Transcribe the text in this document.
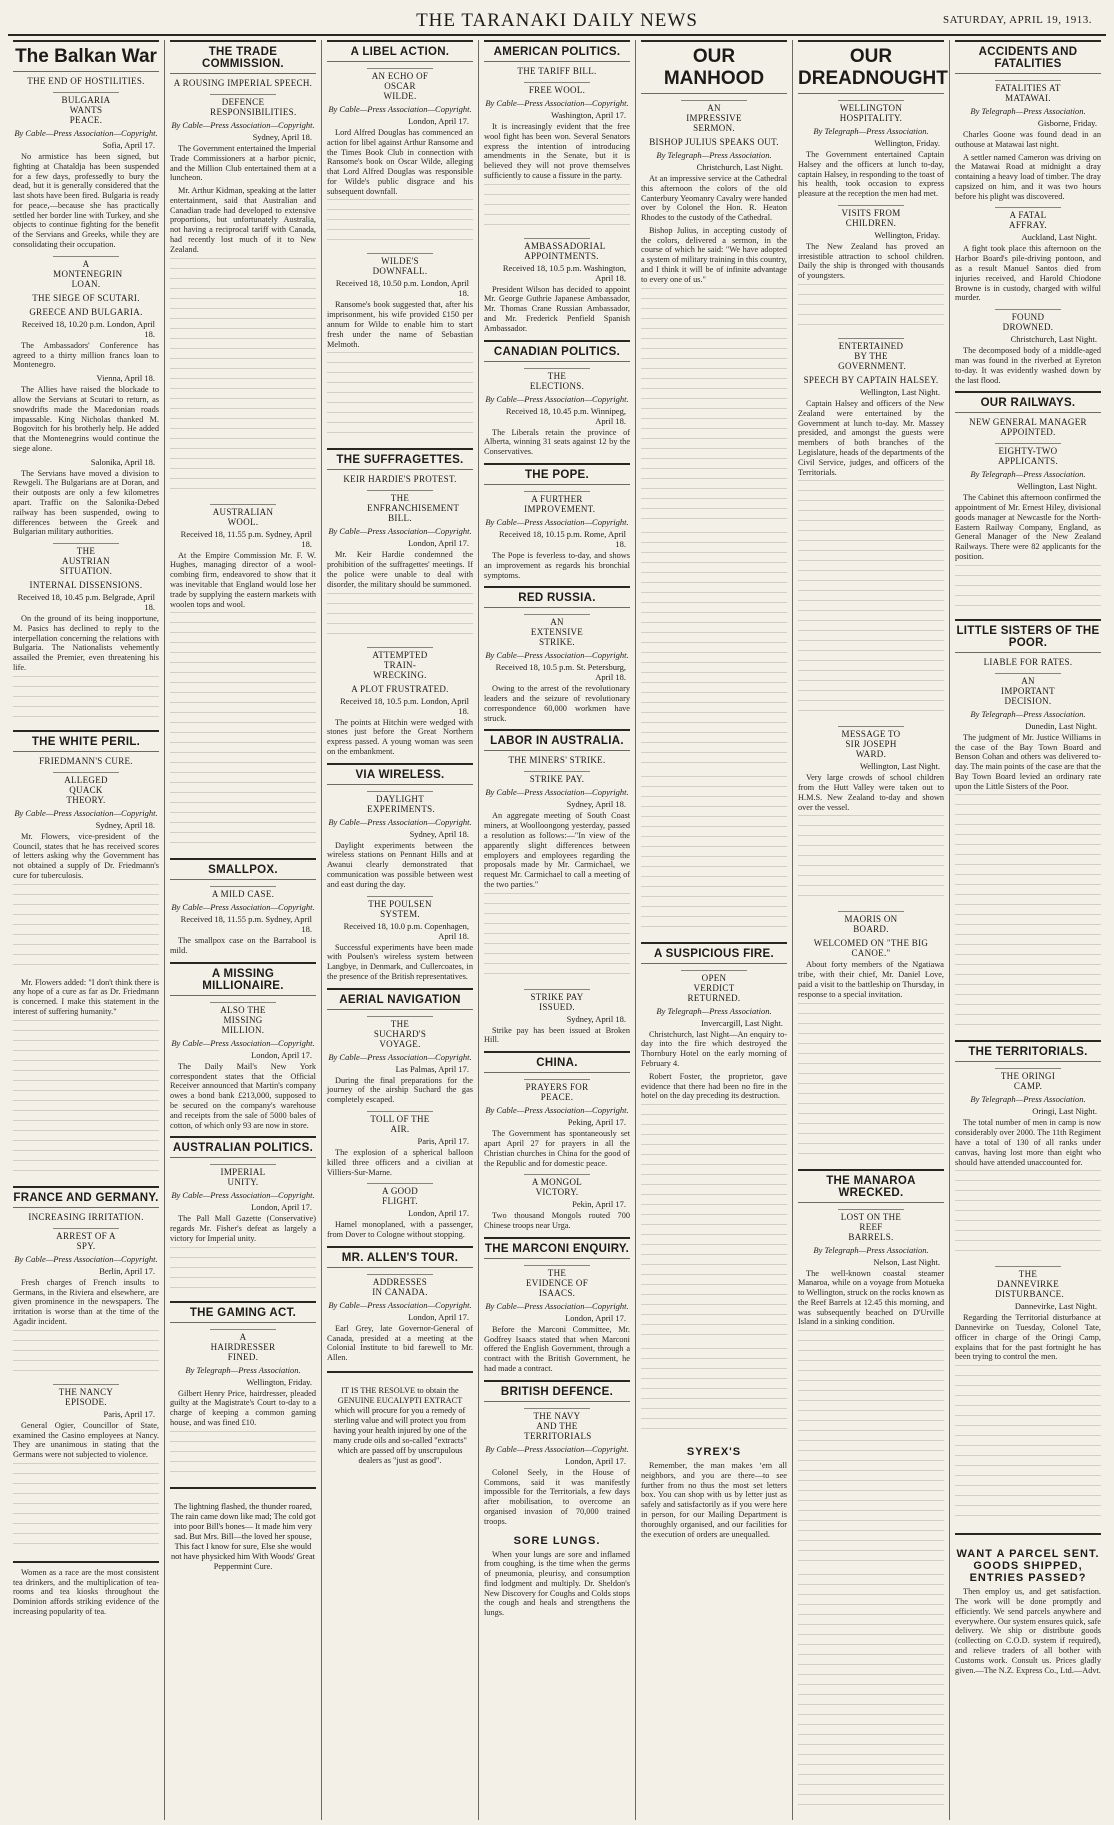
THE TARANAKI DAILY NEWS	SATURDAY, APRIL 19, 1913.
The Balkan War
THE END OF HOSTILITIES.
BULGARIA WANTS PEACE.
By Cable—Press Association—Copyright.
Sofia, April 17.

No armistice has been signed, but fighting at Chataldja has been suspended for a few days, professedly to bury the dead, but it is generally considered that the last shots have been fired. Bulgaria is ready for peace,—because she has practically settled her border line with Turkey, and she objects to continue fighting for the benefit of the Servians and Greeks, while they are consolidating their occupation.

A MONTENEGRIN LOAN.
THE SIEGE OF SCUTARI.
GREECE AND BULGARIA.
Received 18, 10.20 p.m. London, April 18.

The Ambassadors' Conference has agreed to a thirty million francs loan to Montenegro.

Vienna, April 18.

The Allies have raised the blockade to allow the Servians at Scutari to return, as snowdrifts made the Macedonian roads impassable. King Nicholas thanked M. Bogovitch for his brotherly help. He added that the Montenegrins would continue the siege alone.

Salonika, April 18.

The Servians have moved a division to Rewgeli. The Bulgarians are at Doran, and their outposts are only a few kilometres apart. Traffic on the Salonika-Debed railway has been suspended, owing to differences between the Greek and Bulgarian military authorities.

THE AUSTRIAN SITUATION.
INTERNAL DISSENSIONS.
Received 18, 10.45 p.m. Belgrade, April 18.

On the ground of its being inopportune, M. Pasics has declined to reply to the interpellation concerning the relations with Bulgaria. The Nationalists vehemently assailed the Premier, even threatening his life.

THE WHITE PERIL.
FRIEDMANN'S CURE.
ALLEGED QUACK THEORY.
By Cable—Press Association—Copyright.
Sydney, April 18.

Mr. Flowers, vice-president of the Council, states that he has received scores of letters asking why the Government has not obtained a supply of Dr. Friedmann's cure for tuberculosis.

Mr. Flowers added: "I don't think there is any hope of a cure as far as Dr. Friedmann is concerned. I make this statement in the interest of suffering humanity."

FRANCE AND GERMANY.
INCREASING IRRITATION.
ARREST OF A SPY.
By Cable—Press Association—Copyright.
Berlin, April 17.

Fresh charges of French insults to Germans, in the Riviera and elsewhere, are given prominence in the newspapers. The irritation is worse than at the time of the Agadir incident.

THE NANCY EPISODE.
Paris, April 17.

General Ogier, Councillor of State, examined the Casino employees at Nancy. They are unanimous in stating that the Germans were not subjected to violence.

Women as a race are the most consistent tea drinkers, and the multiplication of tea-rooms and tea kiosks throughout the Dominion affords striking evidence of the increasing popularity of tea.

THE TRADE COMMISSION.
A ROUSING IMPERIAL SPEECH.
DEFENCE RESPONSIBILITIES.
By Cable—Press Association—Copyright.
Sydney, April 18.

The Government entertained the Imperial Trade Commissioners at a harbor picnic, and the Million Club entertained them at a luncheon.

Mr. Arthur Kidman, speaking at the latter entertainment, said that Australian and Canadian trade had developed to extensive proportions, but unfortunately Australia, not having a reciprocal tariff with Canada, had recently lost much of it to New Zealand.

AUSTRALIAN WOOL.
Received 18, 11.55 p.m. Sydney, April 18.

At the Empire Commission Mr. F. W. Hughes, managing director of a wool-combing firm, endeavored to show that it was inevitable that England would lose her trade by supplying the eastern markets with woolen tops and wool.

SMALLPOX.
A MILD CASE.
By Cable—Press Association—Copyright.
Received 18, 11.55 p.m. Sydney, April 18.

The smallpox case on the Barrabool is mild.

A MISSING MILLIONAIRE.
ALSO THE MISSING MILLION.
By Cable—Press Association—Copyright.
London, April 17.

The Daily Mail's New York correspondent states that the Official Receiver announced that Martin's company owes a bond bank £213,000, supposed to be secured on the company's warehouse and receipts from the sale of 5000 bales of cotton, of which only 93 are now in store.

AUSTRALIAN POLITICS.
IMPERIAL UNITY.
By Cable—Press Association—Copyright.
London, April 17.

The Pall Mall Gazette (Conservative) regards Mr. Fisher's defeat as largely a victory for Imperial unity.

THE GAMING ACT.
A HAIRDRESSER FINED.
By Telegraph—Press Association.
Wellington, Friday.

Gilbert Henry Price, hairdresser, pleaded guilty at the Magistrate's Court to-day to a charge of keeping a common gaming house, and was fined £10.

The lightning flashed, the thunder roared, The rain came down like mad; The cold got into poor Bill's bones— It made him very sad. But Mrs. Bill—the loved her spouse, This fact I know for sure, Else she would not have physicked him With Woods' Great Peppermint Cure.

A LIBEL ACTION.
AN ECHO OF OSCAR WILDE.
By Cable—Press Association—Copyright.
London, April 17.

Lord Alfred Douglas has commenced an action for libel against Arthur Ransome and the Times Book Club in connection with Ransome's book on Oscar Wilde, alleging that Lord Alfred Douglas was responsible for Wilde's public disgrace and his subsequent downfall.

WILDE'S DOWNFALL.
Received 18, 10.50 p.m. London, April 18.

Ransome's book suggested that, after his imprisonment, his wife provided £150 per annum for Wilde to enable him to start fresh under the name of Sebastian Melmoth.

THE SUFFRAGETTES.
KEIR HARDIE'S PROTEST.
THE ENFRANCHISEMENT BILL.
By Cable—Press Association—Copyright.
London, April 17.

Mr. Keir Hardie condemned the prohibition of the suffragettes' meetings. If the police were unable to deal with disorder, the military should be summoned.

ATTEMPTED TRAIN-WRECKING.
A PLOT FRUSTRATED.
Received 18, 10.5 p.m. London, April 18.

The points at Hitchin were wedged with stones just before the Great Northern express passed. A young woman was seen on the embankment.

VIA WIRELESS.
DAYLIGHT EXPERIMENTS.
By Cable—Press Association—Copyright.
Sydney, April 18.

Daylight experiments between the wireless stations on Pennant Hills and at Awanui clearly demonstrated that communication was possible between west and east during the day.

THE POULSEN SYSTEM.
Received 18, 10.0 p.m. Copenhagen, April 18.

Successful experiments have been made with Poulsen's wireless system between Langbye, in Denmark, and Cullercoates, in the presence of the British representatives.

AERIAL NAVIGATION
THE SUCHARD'S VOYAGE.
By Cable—Press Association—Copyright.
Las Palmas, April 17.

During the final preparations for the journey of the airship Suchard the gas completely escaped.

TOLL OF THE AIR.
Paris, April 17.

The explosion of a spherical balloon killed three officers and a civilian at Villiers-Sur-Marne.

A GOOD FLIGHT.
London, April 17.

Hamel monoplaned, with a passenger, from Dover to Cologne without stopping.

MR. ALLEN'S TOUR.
ADDRESSES IN CANADA.
By Cable—Press Association—Copyright.
London, April 17.

Earl Grey, late Governor-General of Canada, presided at a meeting at the Colonial Institute to bid farewell to Mr. Allen.

IT IS THE RESOLVE to obtain the GENUINE EUCALYPTI EXTRACT which will procure for you a remedy of sterling value and will protect you from having your health injured by one of the many crude oils and so-called "extracts" which are passed off by unscrupulous dealers as "just as good".

AMERICAN POLITICS.
THE TARIFF BILL.
FREE WOOL.
By Cable—Press Association—Copyright.
Washington, April 17.

It is increasingly evident that the free wool fight has been won. Several Senators express the intention of introducing amendments in the Senate, but it is believed they will not prove themselves sufficiently to cause a fissure in the party.

AMBASSADORIAL APPOINTMENTS.
Received 18, 10.5 p.m. Washington, April 18.

President Wilson has decided to appoint Mr. George Guthrie Japanese Ambassador, Mr. Thomas Crane Russian Ambassador, and Mr. Frederick Penfield Spanish Ambassador.

CANADIAN POLITICS.
THE ELECTIONS.
By Cable—Press Association—Copyright.
Received 18, 10.45 p.m. Winnipeg, April 18.

The Liberals retain the province of Alberta, winning 31 seats against 12 by the Conservatives.

THE POPE.
A FURTHER IMPROVEMENT.
By Cable—Press Association—Copyright.
Received 18, 10.15 p.m. Rome, April 18.

The Pope is feverless to-day, and shows an improvement as regards his bronchial symptoms.

RED RUSSIA.
AN EXTENSIVE STRIKE.
By Cable—Press Association—Copyright.
Received 18, 10.5 p.m. St. Petersburg, April 18.

Owing to the arrest of the revolutionary leaders and the seizure of revolutionary correspondence 60,000 workmen have struck.

LABOR IN AUSTRALIA.
THE MINERS' STRIKE.
STRIKE PAY.
By Cable—Press Association—Copyright.
Sydney, April 18.

An aggregate meeting of South Coast miners, at Woolloongong yesterday, passed a resolution as follows:—"In view of the apparently slight differences between employers and employees regarding the proposals made by Mr. Carmichael, we request Mr. Carmichael to call a meeting of the two parties."

STRIKE PAY ISSUED.
Sydney, April 18.

Strike pay has been issued at Broken Hill.

CHINA.
PRAYERS FOR PEACE.
By Cable—Press Association—Copyright.
Peking, April 17.

The Government has spontaneously set apart April 27 for prayers in all the Christian churches in China for the good of the Republic and for domestic peace.

A MONGOL VICTORY.
Pekin, April 17.

Two thousand Mongols routed 700 Chinese troops near Urga.

THE MARCONI ENQUIRY.
THE EVIDENCE OF ISAACS.
By Cable—Press Association—Copyright.
London, April 17.

Before the Marconi Committee, Mr. Godfrey Isaacs stated that when Marconi offered the English Government, through a contract with the British Government, he had made a contract.

BRITISH DEFENCE.
THE NAVY AND THE TERRITORIALS
By Cable—Press Association—Copyright.
London, April 17.

Colonel Seely, in the House of Commons, said it was manifestly impossible for the Territorials, a few days after mobilisation, to overcome an organised invasion of 70,000 trained troops.

SORE LUNGS.

When your lungs are sore and inflamed from coughing, is the time when the germs of pneumonia, pleurisy, and consumption find lodgment and multiply. Dr. Sheldon's New Discovery for Coughs and Colds stops the cough and heals and strengthens the lungs.

OUR MANHOOD
AN IMPRESSIVE SERMON.
BISHOP JULIUS SPEAKS OUT.
By Telegraph—Press Association.
Christchurch, Last Night.

At an impressive service at the Cathedral this afternoon the colors of the old Canterbury Yeomanry Cavalry were handed over by Colonel the Hon. R. Heaton Rhodes to the custody of the Cathedral.

Bishop Julius, in accepting custody of the colors, delivered a sermon, in the course of which he said: "We have adopted a system of military training in this country, and I think it will be of infinite advantage to every one of us."

A SUSPICIOUS FIRE.
OPEN VERDICT RETURNED.
By Telegraph—Press Association.
Invercargill, Last Night.

Christchurch, last Night—An enquiry to-day into the fire which destroyed the Thornbury Hotel on the early morning of February 4.

Robert Foster, the proprietor, gave evidence that there had been no fire in the hotel on the day preceding its destruction.

SYREX'S

Remember, the man makes ‘em all neighbors, and you are there—to see further from no thus the most set letters box. You can shop with us by letter just as safely and satisfactorily as if you were here in person, for our Mailing Department is thoroughly organised, and our facilities for the execution of orders are unequalled.

OUR DREADNOUGHT
WELLINGTON HOSPITALITY.
By Telegraph—Press Association.
Wellington, Friday.

The Government entertained Captain Halsey and the officers at lunch to-day, captain Halsey, in responding to the toast of his health, took occasion to express pleasure at the reception the men had met.

VISITS FROM CHILDREN.
Wellington, Friday.

The New Zealand has proved an irresistible attraction to school children. Daily the ship is thronged with thousands of youngsters.

ENTERTAINED BY THE GOVERNMENT.
SPEECH BY CAPTAIN HALSEY.
Wellington, Last Night.

Captain Halsey and officers of the New Zealand were entertained by the Government at lunch to-day. Mr. Massey presided, and amongst the guests were members of both branches of the Legislature, heads of the departments of the Civil Service, judges, and officers of the Territorials.

MESSAGE TO SIR JOSEPH WARD.
Wellington, Last Night.

Very large crowds of school children from the Hutt Valley were taken out to H.M.S. New Zealand to-day and shown over the vessel.

MAORIS ON BOARD.
WELCOMED ON "THE BIG CANOE."

About forty members of the Ngatiawa tribe, with their chief, Mr. Daniel Love, paid a visit to the battleship on Thursday, in response to a special invitation.

THE MANAROA WRECKED.
LOST ON THE REEF BARRELS.
By Telegraph—Press Association.
Nelson, Last Night.

The well-known coastal steamer Manaroa, while on a voyage from Motueka to Wellington, struck on the rocks known as the Reef Barrels at 12.45 this morning, and was subsequently beached on D'Urville Island in a sinking condition.

ACCIDENTS AND FATALITIES
FATALITIES AT MATAWAI.
By Telegraph—Press Association.
Gisborne, Friday.

Charles Goone was found dead in an outhouse at Matawai last night.

A settler named Cameron was driving on the Matawai Road at midnight a dray containing a heavy load of timber. The dray capsized on him, and it was two hours before his plight was discovered.

A FATAL AFFRAY.
Auckland, Last Night.

A fight took place this afternoon on the Harbor Board's pile-driving pontoon, and as a result Manuel Santos died from injuries received, and Harold Chiodone Browne is in custody, charged with wilful murder.

FOUND DROWNED.
Christchurch, Last Night.

The decomposed body of a middle-aged man was found in the riverbed at Eyreton to-day. It was evidently washed down by the last flood.

OUR RAILWAYS.
NEW GENERAL MANAGER APPOINTED.
EIGHTY-TWO APPLICANTS.
By Telegraph—Press Association.
Wellington, Last Night.

The Cabinet this afternoon confirmed the appointment of Mr. Ernest Hiley, divisional goods manager at Newcastle for the North-Eastern Railway Company, England, as General Manager of the New Zealand Railways. There were 82 applicants for the position.

LITTLE SISTERS OF THE POOR.
LIABLE FOR RATES.
AN IMPORTANT DECISION.
By Telegraph—Press Association.
Dunedin, Last Night.

The judgment of Mr. Justice Williams in the case of the Bay Town Board and Benson Cohan and others was delivered to-day. The main points of the case are that the Bay Town Board levied an ordinary rate upon the Little Sisters of the Poor.

THE TERRITORIALS.
THE ORINGI CAMP.
By Telegraph—Press Association.
Oringi, Last Night.

The total number of men in camp is now considerably over 2000. The 11th Regiment have a total of 130 of all ranks under canvas, having lost more than eight who should have attended unaccounted for.

THE DANNEVIRKE DISTURBANCE.
Dannevirke, Last Night.

Regarding the Territorial disturbance at Dannevirke on Tuesday, Colonel Tate, officer in charge of the Oringi Camp, explains that for the past fortnight he has been trying to control the men.

WANT A PARCEL SENT. GOODS SHIPPED, ENTRIES PASSED?

Then employ us, and get satisfaction. The work will be done promptly and efficiently. We send parcels anywhere and everywhere. Our system ensures quick, safe delivery. We ship or distribute goods (collecting on C.O.D. system if required), and relieve traders of all bother with Customs work. Consult us. Prices gladly given.—The N.Z. Express Co., Ltd.—Advt.
